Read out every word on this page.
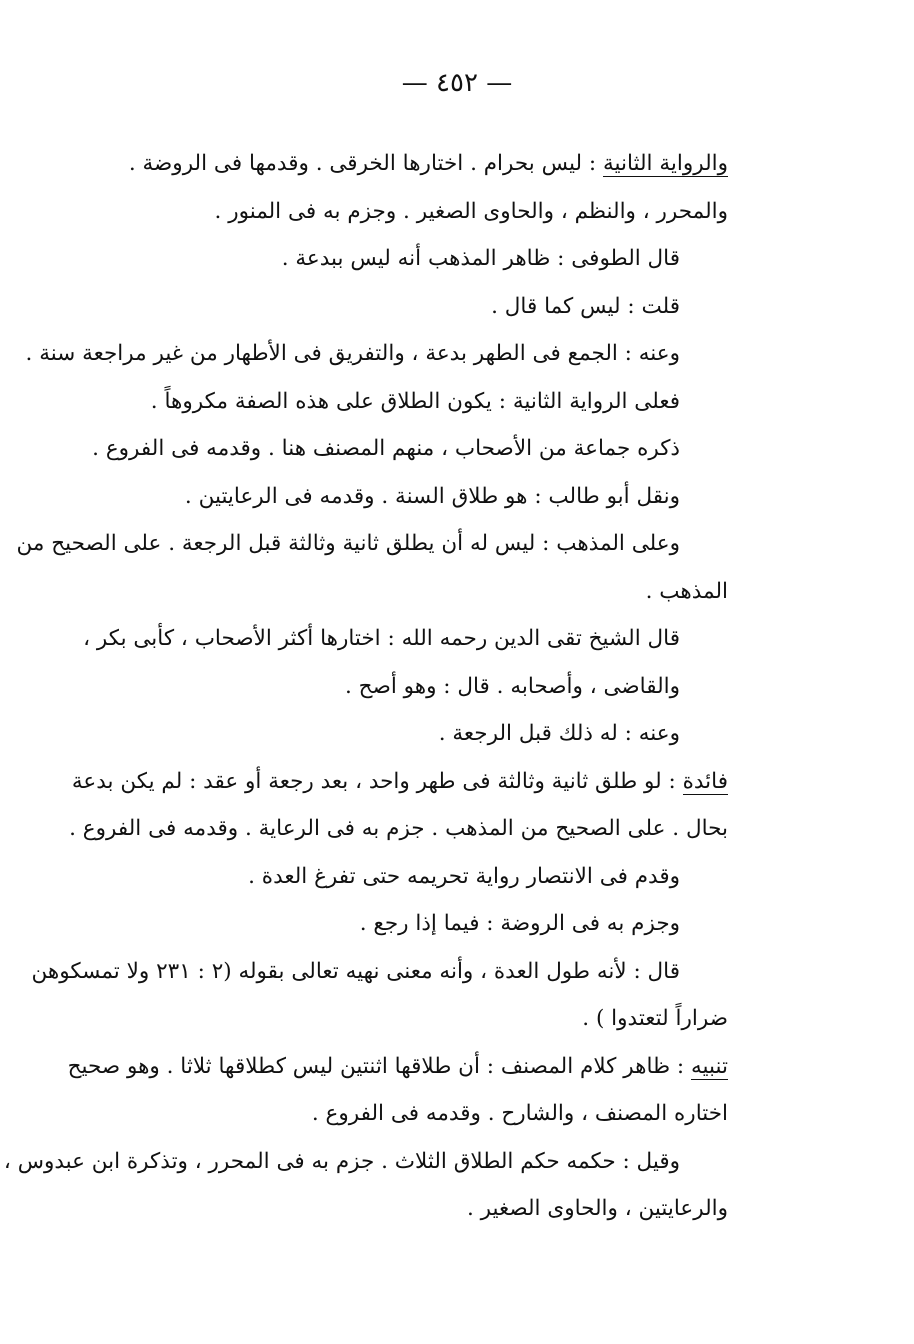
— ٤٥٢ —
والرواية الثانية : ليس بحرام . اختارها الخرقى . وقدمها فى الروضة .
والمحرر ، والنظم ، والحاوى الصغير . وجزم به فى المنور .
قال الطوفى : ظاهر المذهب أنه ليس ببدعة .
قلت : ليس كما قال .
وعنه : الجمع فى الطهر بدعة ، والتفريق فى الأطهار من غير مراجعة سنة .
فعلى الرواية الثانية : يكون الطلاق على هذه الصفة مكروهاً .
ذكره جماعة من الأصحاب ، منهم المصنف هنا . وقدمه فى الفروع .
ونقل أبو طالب : هو طلاق السنة . وقدمه فى الرعايتين .
وعلى المذهب : ليس له أن يطلق ثانية وثالثة قبل الرجعة . على الصحيح من
المذهب .
قال الشيخ تقى الدين رحمه الله : اختارها أكثر الأصحاب ، كأبى بكر ،
والقاضى ، وأصحابه . قال : وهو أصح .
وعنه : له ذلك قبل الرجعة .
فائدة : لو طلق ثانية وثالثة فى طهر واحد ، بعد رجعة أو عقد : لم يكن بدعة
بحال . على الصحيح من المذهب . جزم به فى الرعاية . وقدمه فى الفروع .
وقدم فى الانتصار رواية تحريمه حتى تفرغ العدة .
وجزم به فى الروضة : فيما إذا رجع .
قال : لأنه طول العدة ، وأنه معنى نهيه تعالى بقوله (٢ : ٢٣١ ولا تمسكوهن
ضراراً لتعتدوا ) .
تنبيه : ظاهر كلام المصنف : أن طلاقها اثنتين ليس كطلاقها ثلاثا . وهو صحيح
اختاره المصنف ، والشارح . وقدمه فى الفروع .
وقيل : حكمه حكم الطلاق الثلاث . جزم به فى المحرر ، وتذكرة ابن عبدوس ،
والرعايتين ، والحاوى الصغير .
